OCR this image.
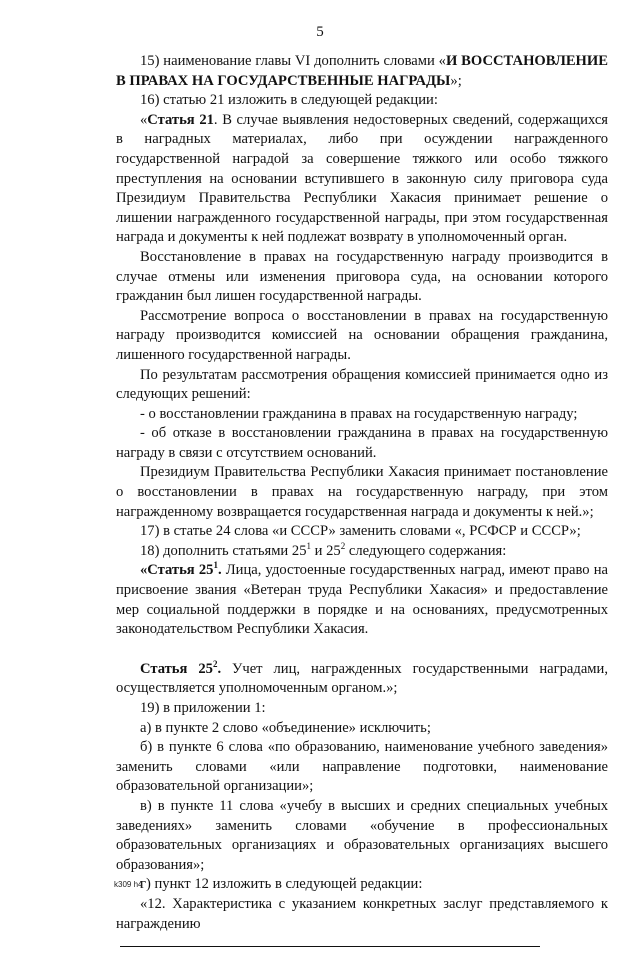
5

15) наименование главы VI дополнить словами «И ВОССТАНОВЛЕНИЕ В ПРАВАХ НА ГОСУДАРСТВЕННЫЕ НАГРАДЫ»;

16) статью 21 изложить в следующей редакции:

«Статья 21. В случае выявления недостоверных сведений, содержащихся в наградных материалах, либо при осуждении награжденного государственной наградой за совершение тяжкого или особо тяжкого преступления на основании вступившего в законную силу приговора суда Президиум Правительства Республики Хакасия принимает решение о лишении награжденного государственной награды, при этом государственная награда и документы к ней подлежат возврату в уполномоченный орган.

Восстановление в правах на государственную награду производится в случае отмены или изменения приговора суда, на основании которого гражданин был лишен государственной награды.

Рассмотрение вопроса о восстановлении в правах на государственную награду производится комиссией на основании обращения гражданина, лишенного государственной награды.

По результатам рассмотрения обращения комиссией принимается одно из следующих решений:

- о восстановлении гражданина в правах на государственную награду;

- об отказе в восстановлении гражданина в правах на государственную награду в связи с отсутствием оснований.

Президиум Правительства Республики Хакасия принимает постановление о восстановлении в правах на государственную награду, при этом награжденному возвращается государственная награда и документы к ней.»;

17) в статье 24 слова «и СССР» заменить словами «, РСФСР и СССР»;

18) дополнить статьями $25^1$ и $25^2$ следующего содержания:

«Статья $25^1$. Лица, удостоенные государственных наград, имеют право на присвоение звания «Ветеран труда Республики Хакасия» и предоставление мер социальной поддержки в порядке и на основаниях, предусмотренных законодательством Республики Хакасия.

Статья $25^2$. Учет лиц, награжденных государственными наградами, осуществляется уполномоченным органом.»;

19) в приложении 1:

а) в пункте 2 слово «объединение» исключить;

б) в пункте 6 слова «по образованию, наименование учебного заведения» заменить словами «или направление подготовки, наименование образовательной организации»;

в) в пункте 11 слова «учебу в высших и средних специальных учебных заведениях» заменить словами «обучение в профессиональных образовательных организациях и образовательных организациях высшего образования»;

г) пункт 12 изложить в следующей редакции:

«12. Характеристика с указанием конкретных заслуг представляемого к награждению

k309 h4
